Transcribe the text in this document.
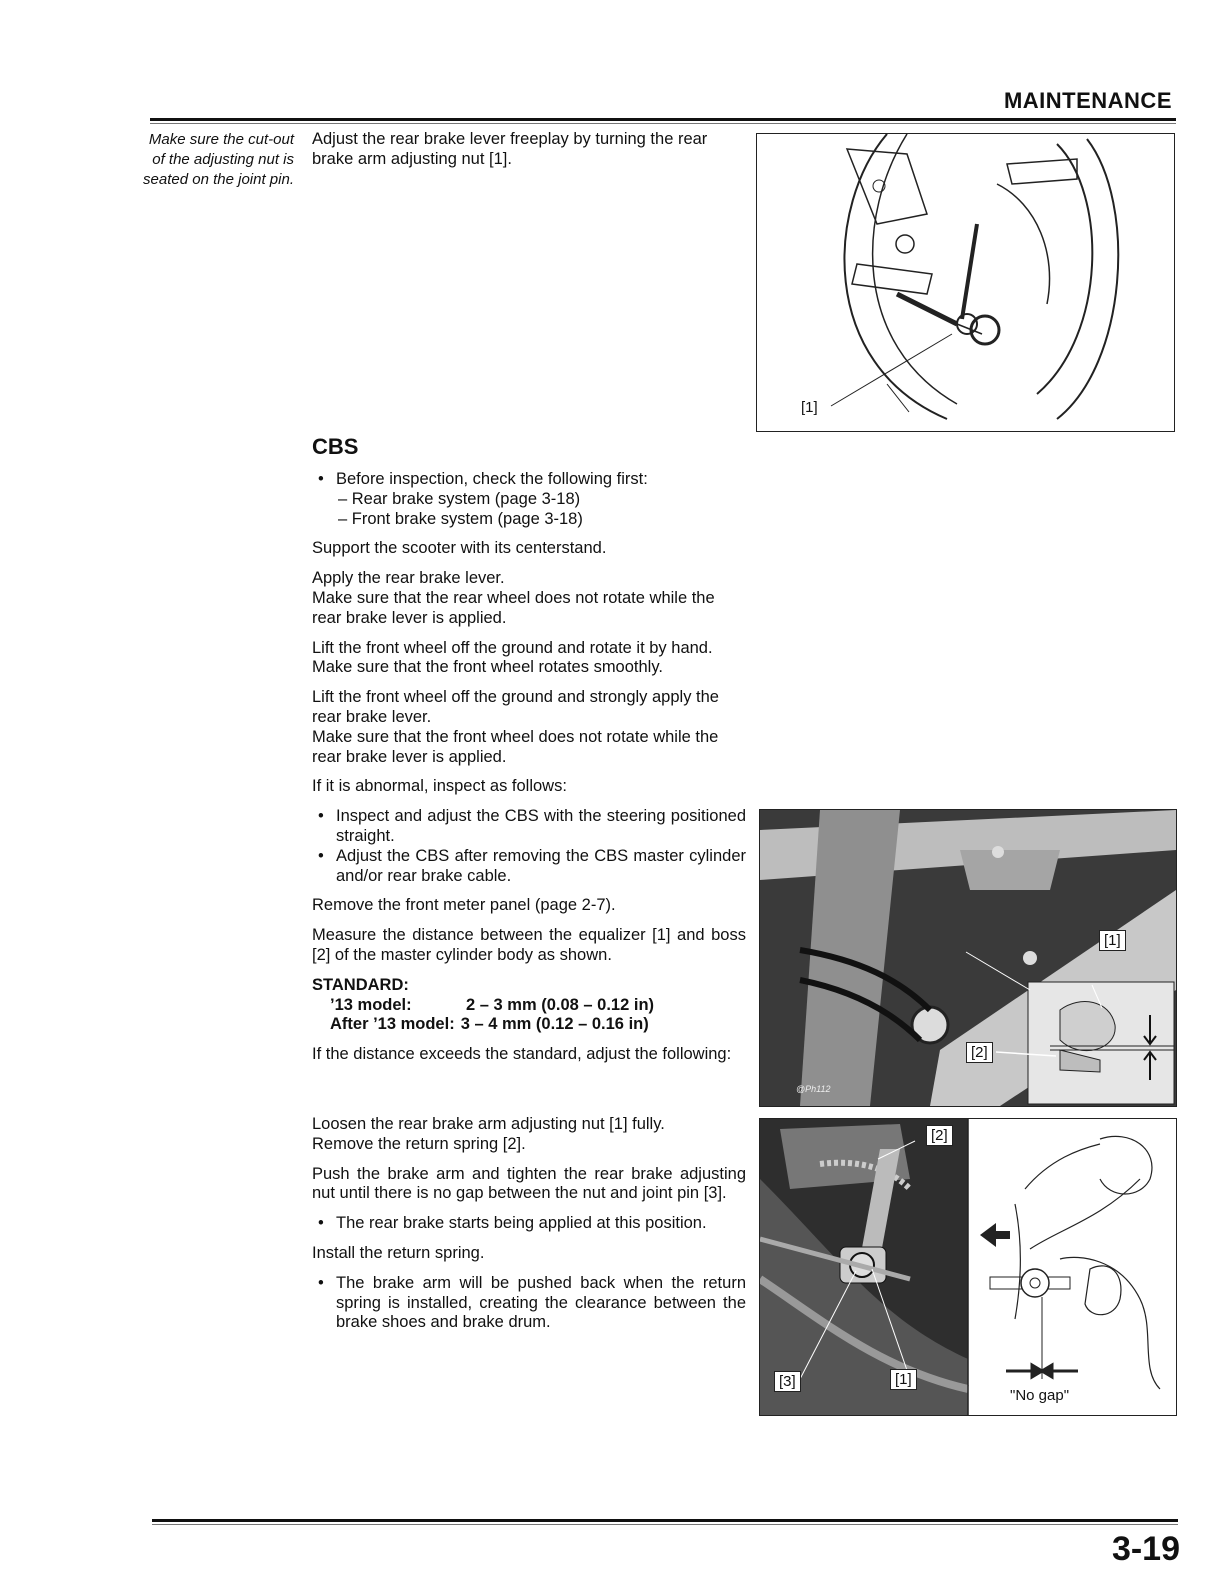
MAINTENANCE
Make sure the cut-out of the adjusting nut is seated on the joint pin.
Adjust the rear brake lever freeplay by turning the rear brake arm adjusting nut [1].
[1]
CBS
• Before inspection, check the following first:
– Rear brake system (page 3-18)
– Front brake system (page 3-18)
Support the scooter with its centerstand.
Apply the rear brake lever.
Make sure that the rear wheel does not rotate while the rear brake lever is applied.
Lift the front wheel off the ground and rotate it by hand.
Make sure that the front wheel rotates smoothly.
Lift the front wheel off the ground and strongly apply the rear brake lever.
Make sure that the front wheel does not rotate while the rear brake lever is applied.
If it is abnormal, inspect as follows:
• Inspect and adjust the CBS with the steering positioned straight.
• Adjust the CBS after removing the CBS master cylinder and/or rear brake cable.
Remove the front meter panel (page 2-7).
Measure the distance between the equalizer [1] and boss [2] of the master cylinder body as shown.
STANDARD:
’13 model:	2 – 3 mm (0.08 – 0.12 in)
After ’13 model: 3 – 4 mm (0.12 – 0.16 in)
If the distance exceeds the standard, adjust the following:
Loosen the rear brake arm adjusting nut [1] fully.
Remove the return spring [2].
Push the brake arm and tighten the rear brake adjusting nut until there is no gap between the nut and joint pin [3].
• The rear brake starts being applied at this position.
Install the return spring.
• The brake arm will be pushed back when the return spring is installed, creating the clearance between the brake shoes and brake drum.
[1]
[2]
@Ph112
[2]
[3]	[1]
"No gap"
3-19
